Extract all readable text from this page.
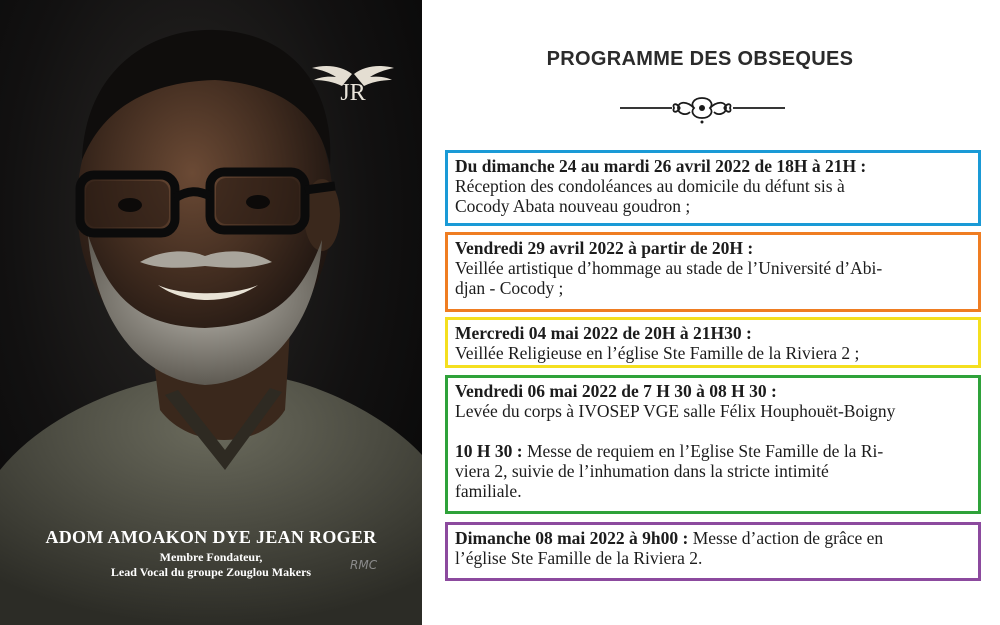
JR
ADOM AMOAKON DYE JEAN ROGER
Membre Fondateur,
Lead Vocal du groupe Zouglou Makers	RMC
PROGRAMME DES OBSEQUES
Du dimanche 24 au mardi 26 avril 2022 de 18H à 21H :
Réception des condoléances au domicile du défunt sis à
Cocody Abata nouveau goudron ;
Vendredi 29 avril 2022 à partir de 20H :
Veillée artistique d’hommage au stade de l’Université d’Abi-
djan - Cocody ;
Mercredi 04 mai 2022 de 20H à 21H30 :
Veillée Religieuse en l’église Ste Famille de la Riviera 2 ;
Vendredi 06 mai 2022 de 7 H 30 à 08 H 30 :
Levée du corps à IVOSEP VGE salle Félix Houphouët-Boigny
10 H 30 : Messe de requiem en l’Eglise Ste Famille de la Ri-
viera 2, suivie de l’inhumation dans la stricte intimité
familiale.
Dimanche 08 mai 2022 à 9h00 : Messe d’action de grâce en
l’église Ste Famille de la Riviera 2.
